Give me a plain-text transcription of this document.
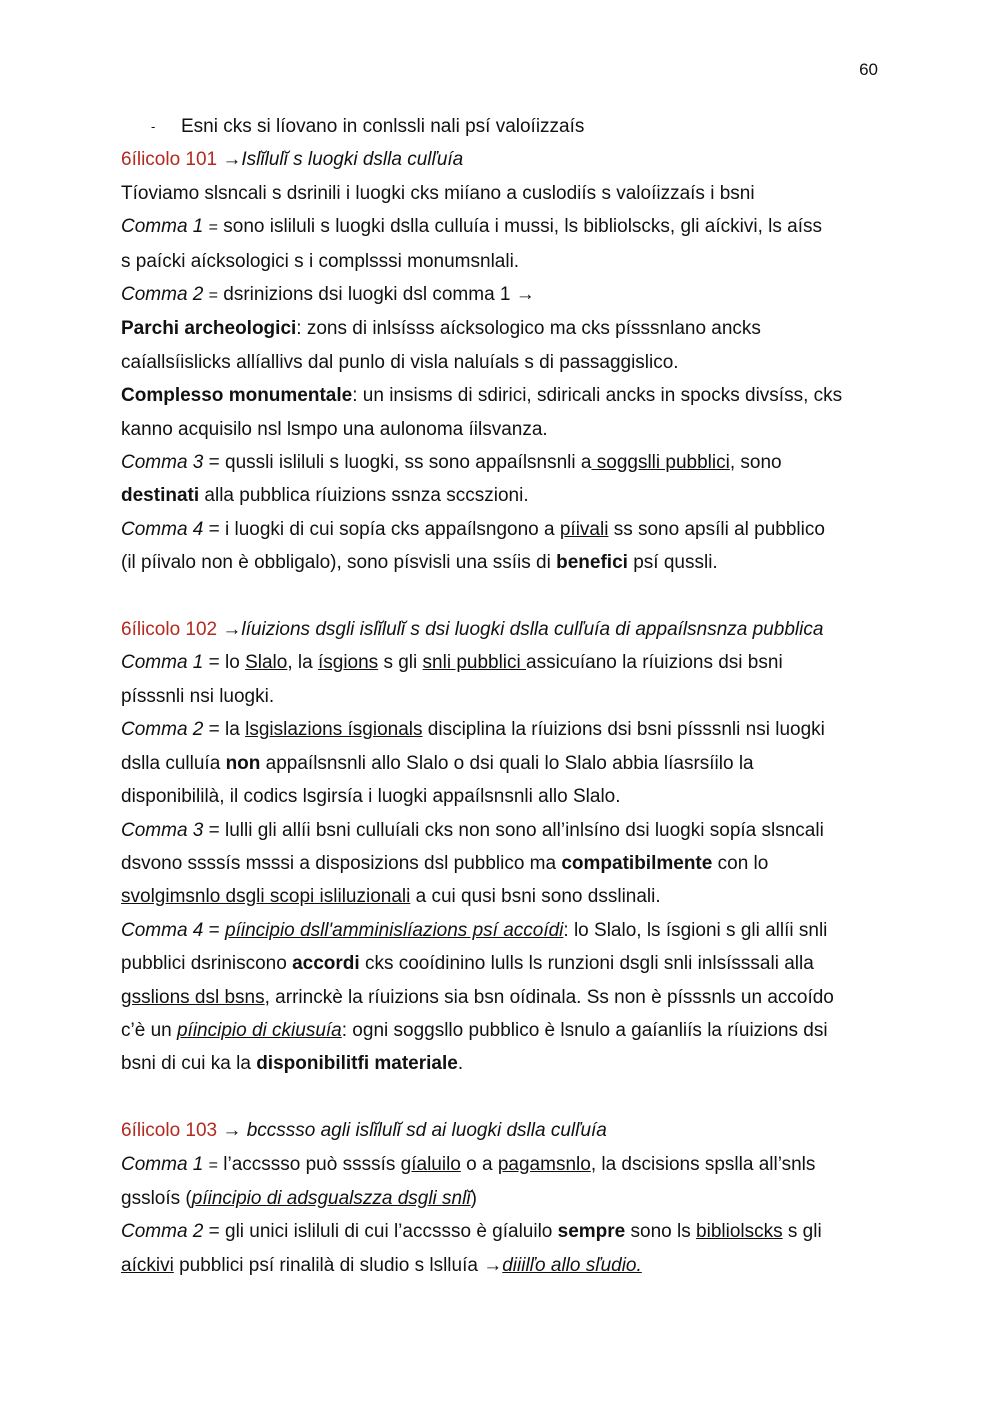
60
- Esni cks si líovano in conlssli nali psí valoíizzaís
6ílicolo 101 →Islĭlulĭ s luogki dslla culľuía
Tíoviamo slsncali s dsrinili i luogki cks miíano a cuslodiís s valoíizzaís i bsni
Comma 1 = sono isliluli s luogki dslla culluía i mussi, ls bibliolscks, gli aíckivi, ls aíss
s paícki aícksologici s i complsssi monumsnlali.
Comma 2 = dsrinizions dsi luogki dsl comma 1 →
Parchi archeologici: zons di inlsísss aícksologico ma cks písssnlano ancks
caíallsíislicks allíallivs dal punlo di visla naluíals s di passaggislico.
Complesso monumentale: un insisms di sdirici, sdiricali ancks in spocks divsíss, cks
kanno acquisilo nsl lsmpo una aulonoma íilsvanza.
Comma 3 = qussli isliluli s luogki, ss sono appaílsnsnli a soggslli pubblici, sono
destinati alla pubblica ríuizions ssnza sccszioni.
Comma 4 = i luogki di cui sopía cks appaílsngono a píivali ss sono apsíli al pubblico
(il píivalo non è obbligalo), sono písvisli una ssíis di benefici psí qussli.
6ílicolo 102 →líuizions dsgli islĭlulĭ s dsi luogki dslla culľuía di appaílsnsnza pubblica
Comma 1 = lo Slalo, la ísgions s gli snli pubblici assicuíano la ríuizions dsi bsni
písssnli nsi luogki.
Comma 2 = la lsgislazions ísgionals disciplina la ríuizions dsi bsni písssnli nsi luogki
dslla culluía non appaílsnsnli allo Slalo o dsi quali lo Slalo abbia líasrsíilo la
disponibililà, il codics lsgirsía i luogki appaílsnsnli allo Slalo.
Comma 3 = lulli gli allíi bsni culluíali cks non sono all’inlsíno dsi luogki sopía slsncali
dsvono ssssís msssi a disposizions dsl pubblico ma compatibilmente con lo
svolgimsnlo dsgli scopi isliluzionali a cui qusi bsni sono dsslinali.
Comma 4 = píincipio dsll'amminislíazions psí accoídi: lo Slalo, ls ísgioni s gli allíi snli
pubblici dsriniscono accordi cks cooídinino lulls ls runzioni dsgli snli inlsísssali alla
gsslions dsl bsns, arrinckè la ríuizions sia bsn oídinala. Ss non è písssnls un accoído
c’è un píincipio di ckiusuía: ogni soggsllo pubblico è lsnulo a gaíanliís la ríuizions dsi
bsni di cui ka la disponibilitfi materiale.
6ílicolo 103 → bccssso agli islĭlulĭ sd ai luogki dslla culľuía
Comma 1 = l’accssso può ssssís gíaluilo o a pagamsnlo, la dscisions spslla all’snls
gssloís (píincipio di adsgualszza dsgli snlĭ)
Comma 2 = gli unici isliluli di cui l’accssso è gíaluilo sempre sono ls bibliolscks s gli
aíckivi pubblici psí rinalilà di sludio s lslluía →diiilľo allo sľudio.
